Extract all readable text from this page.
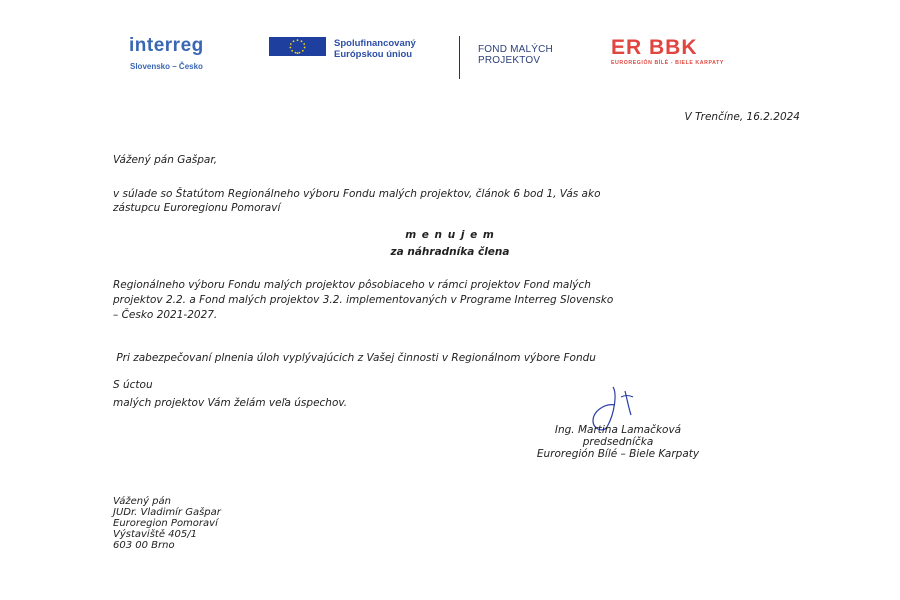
interreg
Slovensko – Česko
Spolufinancovaný
Európskou úniou	FOND MALÝCH
PROJEKTOV
ER BBK
EUROREGIÓN BÍLÉ - BIELE KARPATY
V Trenčíne, 16.2.2024
Vážený pán Gašpar,
v súlade so Štatútom Regionálneho výboru Fondu malých projektov, článok 6 bod 1, Vás ako
zástupcu Euroregionu Pomoraví
m e n u j e m
za náhradníka člena
Regionálneho výboru Fondu malých projektov pôsobiaceho v rámci projektov Fond malých
projektov 2.2. a Fond malých projektov 3.2. implementovaných v Programe Interreg Slovensko
– Česko 2021-2027.

Pri zabezpečovaní plnenia úloh vyplývajúcich z Vašej činnosti v Regionálnom výbore Fondu

malých projektov Vám želám veľa úspechov.

S úctou
Ing. Martina Lamačková
predsedníčka
Euroregión Bílé – Biele Karpaty
Vážený pán
JUDr. Vladimír Gašpar
Euroregion Pomoraví
Výstaviště 405/1
603 00 Brno
